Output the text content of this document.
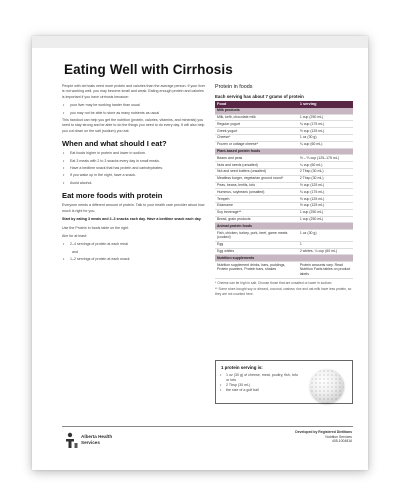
Eating Well with Cirrhosis

People with cirrhosis need more protein and calories than the average person. If your liver is not working well, you may become small and weak. Eating enough protein and calories is important if you have cirrhosis because:

• your liver may be working harder than usual
• you may not be able to store as many nutrients as usual

This handout can help you get the nutrition (protein, calories, vitamins, and minerals) you need to stay strong and be able to do the things you need to do every day. It will also help you cut down on the salt (sodium) you eat.

When and what should I eat?
• Eat foods higher in protein and lower in sodium.
• Eat 3 meals with 2 to 3 snacks every day in small meals.
• Have a bedtime snack that has protein and carbohydrates.
• If you wake up in the night, have a snack.
• Avoid alcohol.
Eat more foods with protein

Everyone needs a different amount of protein. Talk to your health care provider about how much is right for you.

Start by eating 3 meals and 2–3 snacks each day. Have a bedtime snack each day.

Use the Protein in foods table on the right.

Aim for at least:

• 2–4 servings of protein at each meal
and
• 1–2 servings of protein at each snack
Protein in foods
Each serving has about 7 grams of protein
Food	1 serving
Milk products	
Milk, kefir, chocolate milk	1 cup (250 mL)
Regular yogurt	¾ cup (175 mL)
Greek yogurt	½ cup (125 mL)
Cheese*	1 oz (30 g)
Frozen or cottage cheese*	¼ cup (60 mL)
Plant-based protein foods	
Beans and peas	½ – ⅔ cup (125–175 mL)
Nuts and seeds (unsalted)	¼ cup (60 mL)
Nut and seed butters (unsalted)	2 Tbsp (30 mL)
Meatless burger, vegetarian ground round*	2 Tbsp (30 mL)
Peas, beans, lentils, tofu	½ cup (125 mL)
Hummus, soybeans (unsalted)	¾ cup (175 mL)
Tempeh	½ cup (125 mL)
Edamame	½ cup (125 mL)
Soy beverage**	1 cup (250 mL)
Bread, grain products	1 cup (250 mL)
Animal protein foods	
Fish, chicken, turkey, pork, beef, game meats (cooked)	1 oz (30 g)
Egg	1
Egg whites	2 whites, ¼ cup (60 mL)
Nutrition supplements	
Nutrition supplement drinks, bars, puddings, Protein powders, Protein bars, shakes	Protein amounts vary. Read Nutrition Facts tables on product labels
* Cheese can be high in salt. Choose those that are unsalted or lower in sodium.
** Some store-bought soy or almond, coconut, cashew, rice and oat milk have less protein, so they are not counted here.
1 protein serving is:
• 1 oz (30 g) of cheese, meat, poultry, fish, tofu or tofu
• 2 Tbsp (30 mL)
• the size of a golf ball
Alberta Health
Services
Developed by Registered Dietitians
Nutrition Services
405-1004816
